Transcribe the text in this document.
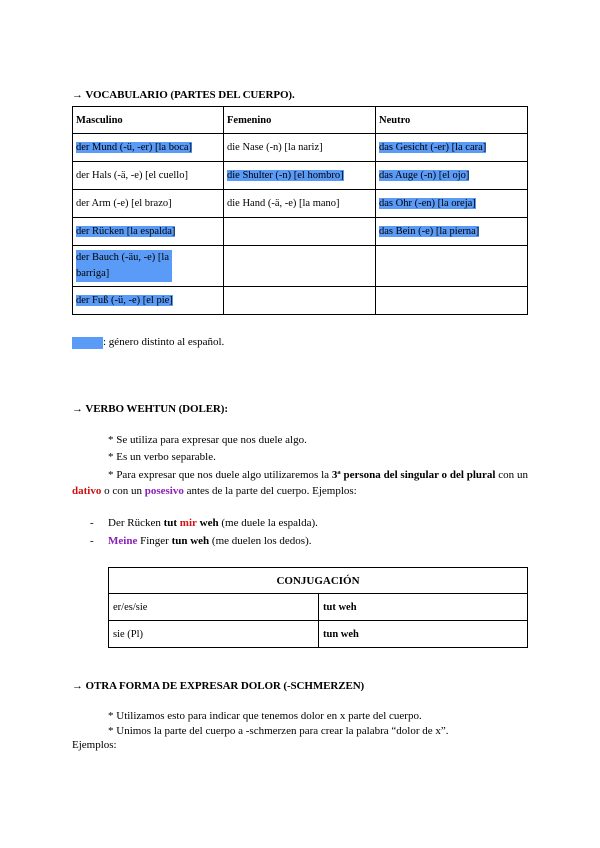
→ VOCABULARIO (PARTES DEL CUERPO).
Masculino	Femenino	Neutro
der Mund (-ü, -er) [la boca]	die Nase (-n) [la nariz]	das Gesicht (-er) [la cara]
der Hals (-ä, -e) [el cuello]	die Shulter (-n) [el hombro]	das Auge (-n) [el ojo]
der Arm (-e) [el brazo]	die Hand (-ä, -e) [la mano]	das Ohr (-en) [la oreja]
der Rücken [la espalda]		das Bein (-e) [la pierna]
der Bauch (-äu, -e) [la barriga]		
der Fuß (-ü, -e) [el pie]		
: género distinto al español.
→ VERBO WEHTUN (DOLER):
* Se utiliza para expresar que nos duele algo.
* Es un verbo separable.
* Para expresar que nos duele algo utilizaremos la 3ª persona del singular o del plural con un dativo o con un posesivo antes de la parte del cuerpo. Ejemplos:
- Der Rücken tut mir weh (me duele la espalda).
- Meine Finger tun weh (me duelen los dedos).
CONJUGACIÓN	
er/es/sie	tut weh
sie (Pl)	tun weh
→ OTRA FORMA DE EXPRESAR DOLOR (-SCHMERZEN)
* Utilizamos esto para indicar que tenemos dolor en x parte del cuerpo.
* Unimos la parte del cuerpo a -schmerzen para crear la palabra “dolor de x”.
Ejemplos:
